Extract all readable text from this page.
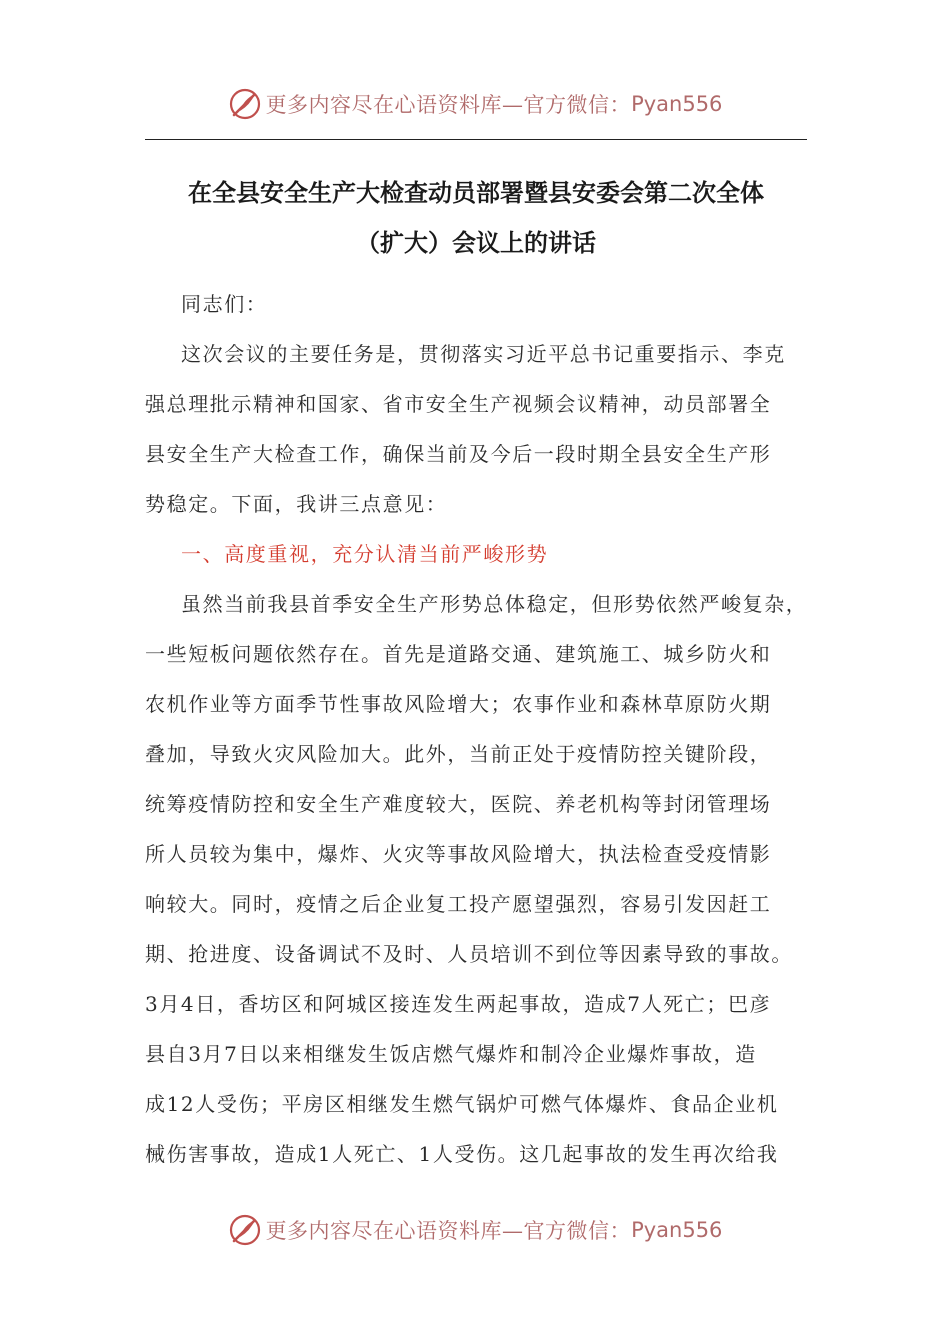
更多内容尽在心语资料库—官方微信： Pyan556
在全县安全生产大检查动员部署暨县安委会第二次全体
（扩大）会议上的讲话
同志们：
这次会议的主要任务是，贯彻落实习近平总书记重要指示、李克
强总理批示精神和国家、省市安全生产视频会议精神，动员部署全
县安全生产大检查工作，确保当前及今后一段时期全县安全生产形
势稳定。下面，我讲三点意见：
一、高度重视，充分认清当前严峻形势
虽然当前我县首季安全生产形势总体稳定，但形势依然严峻复杂，
一些短板问题依然存在。首先是道路交通、建筑施工、城乡防火和
农机作业等方面季节性事故风险增大；农事作业和森林草原防火期
叠加，导致火灾风险加大。此外，当前正处于疫情防控关键阶段，
统筹疫情防控和安全生产难度较大，医院、养老机构等封闭管理场
所人员较为集中，爆炸、火灾等事故风险增大，执法检查受疫情影
响较大。同时，疫情之后企业复工投产愿望强烈，容易引发因赶工
期、抢进度、设备调试不及时、人员培训不到位等因素导致的事故。
3月4日，香坊区和阿城区接连发生两起事故，造成7人死亡；巴彦
县自3月7日以来相继发生饭店燃气爆炸和制冷企业爆炸事故，造
成12人受伤；平房区相继发生燃气锅炉可燃气体爆炸、食品企业机
械伤害事故，造成1人死亡、1人受伤。这几起事故的发生再次给我
更多内容尽在心语资料库—官方微信： Pyan556
